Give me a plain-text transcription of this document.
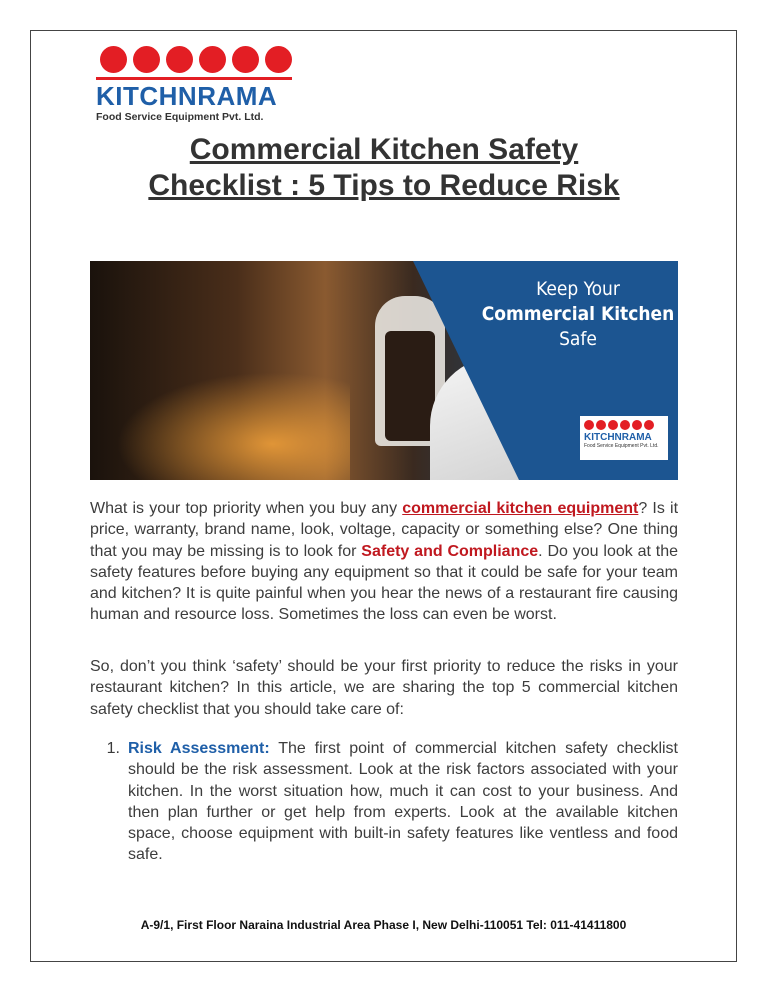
KITCHNRAMA
Food Service Equipment Pvt. Ltd.
Commercial Kitchen Safety
Checklist : 5 Tips to Reduce Risk
Keep Your
Commercial Kitchen
Safe
KITCHNRAMA
Food Service Equipment Pvt. Ltd.
What is your top priority when you buy any commercial kitchen equipment? Is it price, warranty, brand name, look, voltage, capacity or something else? One thing that you may be missing is to look for Safety and Compliance. Do you look at the safety features before buying any equipment so that it could be safe for your team and kitchen? It is quite painful when you hear the news of a restaurant fire causing human and resource loss. Sometimes the loss can even be worst.
So, don’t you think ‘safety’ should be your first priority to reduce the risks in your restaurant kitchen? In this article, we are sharing the top 5 commercial kitchen safety checklist that you should take care of:
1. Risk Assessment: The first point of commercial kitchen safety checklist should be the risk assessment. Look at the risk factors associated with your kitchen. In the worst situation how, much it can cost to your business. And then plan further or get help from experts. Look at the available kitchen space, choose equipment with built-in safety features like ventless and food safe.
A-9/1, First Floor Naraina Industrial Area Phase I, New Delhi-110051 Tel: 011-41411800
